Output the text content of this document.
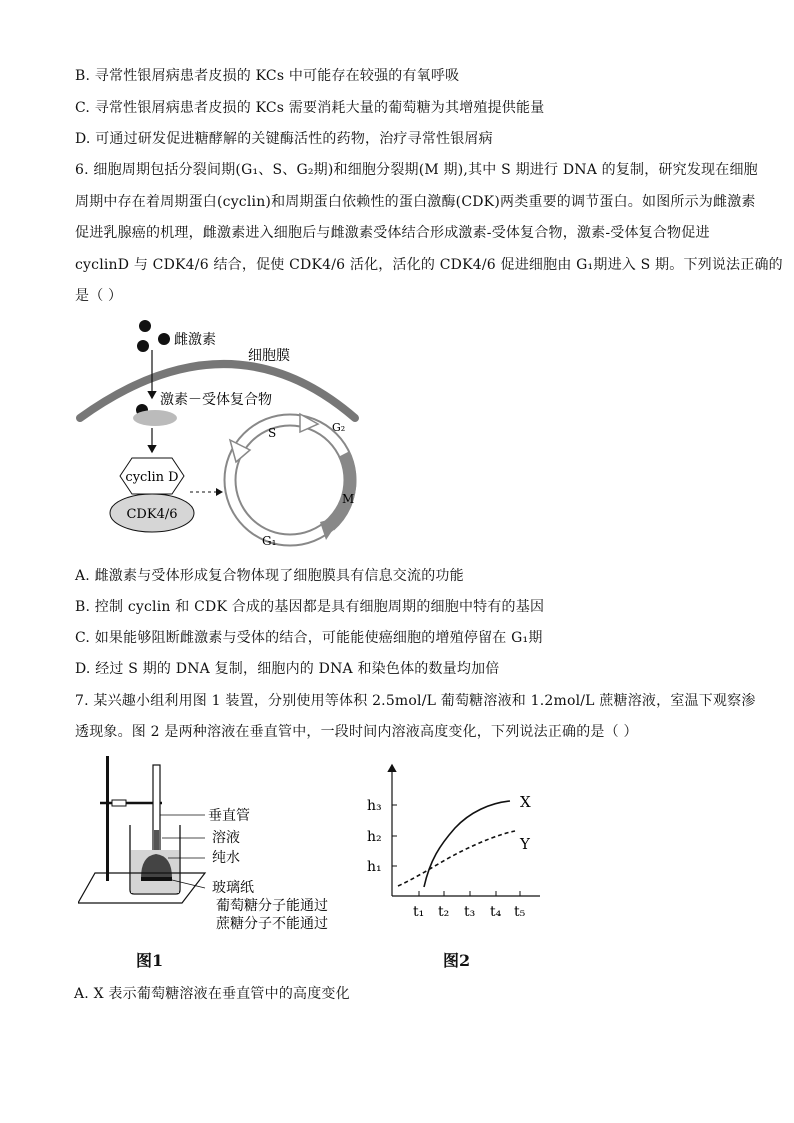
B. 寻常性银屑病患者皮损的 KCs 中可能存在较强的有氧呼吸
C. 寻常性银屑病患者皮损的 KCs 需要消耗大量的葡萄糖为其增殖提供能量
D. 可通过研发促进糖酵解的关键酶活性的药物，治疗寻常性银屑病
6. 细胞周期包括分裂间期(G₁、S、G₂期)和细胞分裂期(M 期),其中 S 期进行 DNA 的复制，研究发现在细胞
周期中存在着周期蛋白(cyclin)和周期蛋白依赖性的蛋白激酶(CDK)两类重要的调节蛋白。如图所示为雌激素
促进乳腺癌的机理，雌激素进入细胞后与雌激素受体结合形成激素-受体复合物，激素-受体复合物促进
cyclinD 与 CDK4/6 结合，促使 CDK4/6 活化，活化的 CDK4/6 促进细胞由 G₁期进入 S 期。下列说法正确的
是（ ）
雌激素
细胞膜
激素－受体复合物
cyclin D
CDK4/6
S	G₂
M
G₁
A. 雌激素与受体形成复合物体现了细胞膜具有信息交流的功能
B. 控制 cyclin 和 CDK 合成的基因都是具有细胞周期的细胞中特有的基因
C. 如果能够阻断雌激素与受体的结合，可能能使癌细胞的增殖停留在 G₁期
D. 经过 S 期的 DNA 复制，细胞内的 DNA 和染色体的数量均加倍
7. 某兴趣小组利用图 1 装置，分别使用等体积 2.5mol/L 葡萄糖溶液和 1.2mol/L 蔗糖溶液，室温下观察渗
透现象。图 2 是两种溶液在垂直管中，一段时间内溶液高度变化，下列说法正确的是（ ）
垂直管
溶液
纯水
玻璃纸
葡萄糖分子能通过
蔗糖分子不能通过
图1
h₃
h₂
h₁
t₁ t₂ t₃ t₄ t₅
X
Y
图2
A. X 表示葡萄糖溶液在垂直管中的高度变化
